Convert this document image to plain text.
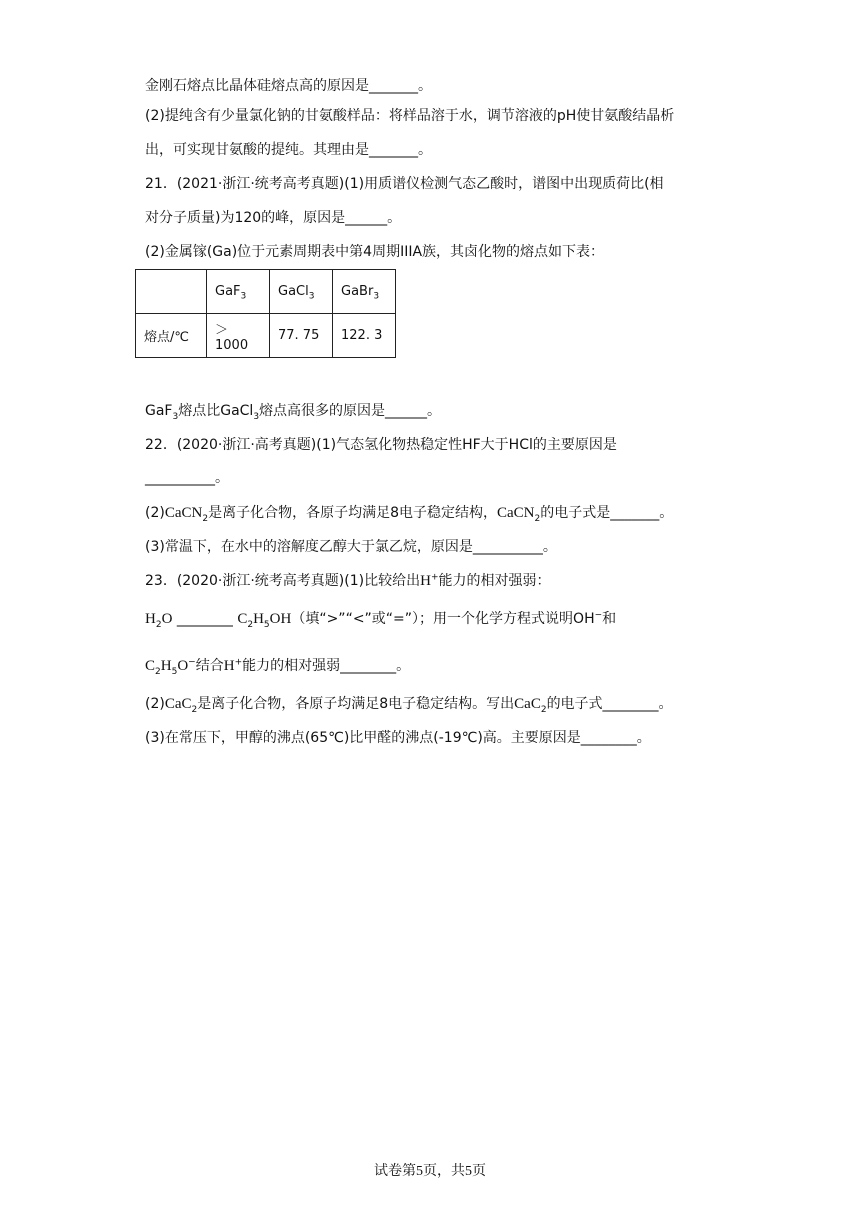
金刚石熔点比晶体硅熔点高的原因是_______。
(2)提纯含有少量氯化钠的甘氨酸样品：将样品溶于水，调节溶液的pH使甘氨酸结晶析
出，可实现甘氨酸的提纯。其理由是_______。
21．(2021·浙江·统考高考真题)(1)用质谱仪检测气态乙酸时，谱图中出现质荷比(相
对分子质量)为120的峰，原因是______。
(2)金属镓(Ga)位于元素周期表中第4周期IIIA族，其卤化物的熔点如下表：
	GaF$_3$	GaCl$_3$	GaBr$_3$
熔点/℃	＞ 1000	77. 75	122. 3
GaF$_3$熔点比GaCl$_3$熔点高很多的原因是______。
22．(2020·浙江·高考真题)(1)气态氢化物热稳定性HF大于HCl的主要原因是
__________。
(2)CaCN$_2$是离子化合物，各原子均满足8电子稳定结构，CaCN$_2$的电子式是_______。
(3)常温下，在水中的溶解度乙醇大于氯乙烷，原因是__________。
23．(2020·浙江·统考高考真题)(1)比较给出H+能力的相对强弱：
$H_2O$ ________ $C_2H_5OH$（填“>”“<”或“=”）；用一个化学方程式说明OH−和
$C_2H_5O^-$结合H+能力的相对强弱________。
(2)CaC$_2$是离子化合物，各原子均满足8电子稳定结构。写出CaC$_2$的电子式________。
(3)在常压下，甲醇的沸点(65℃)比甲醛的沸点(-19℃)高。主要原因是________。
试卷第5页，共5页
